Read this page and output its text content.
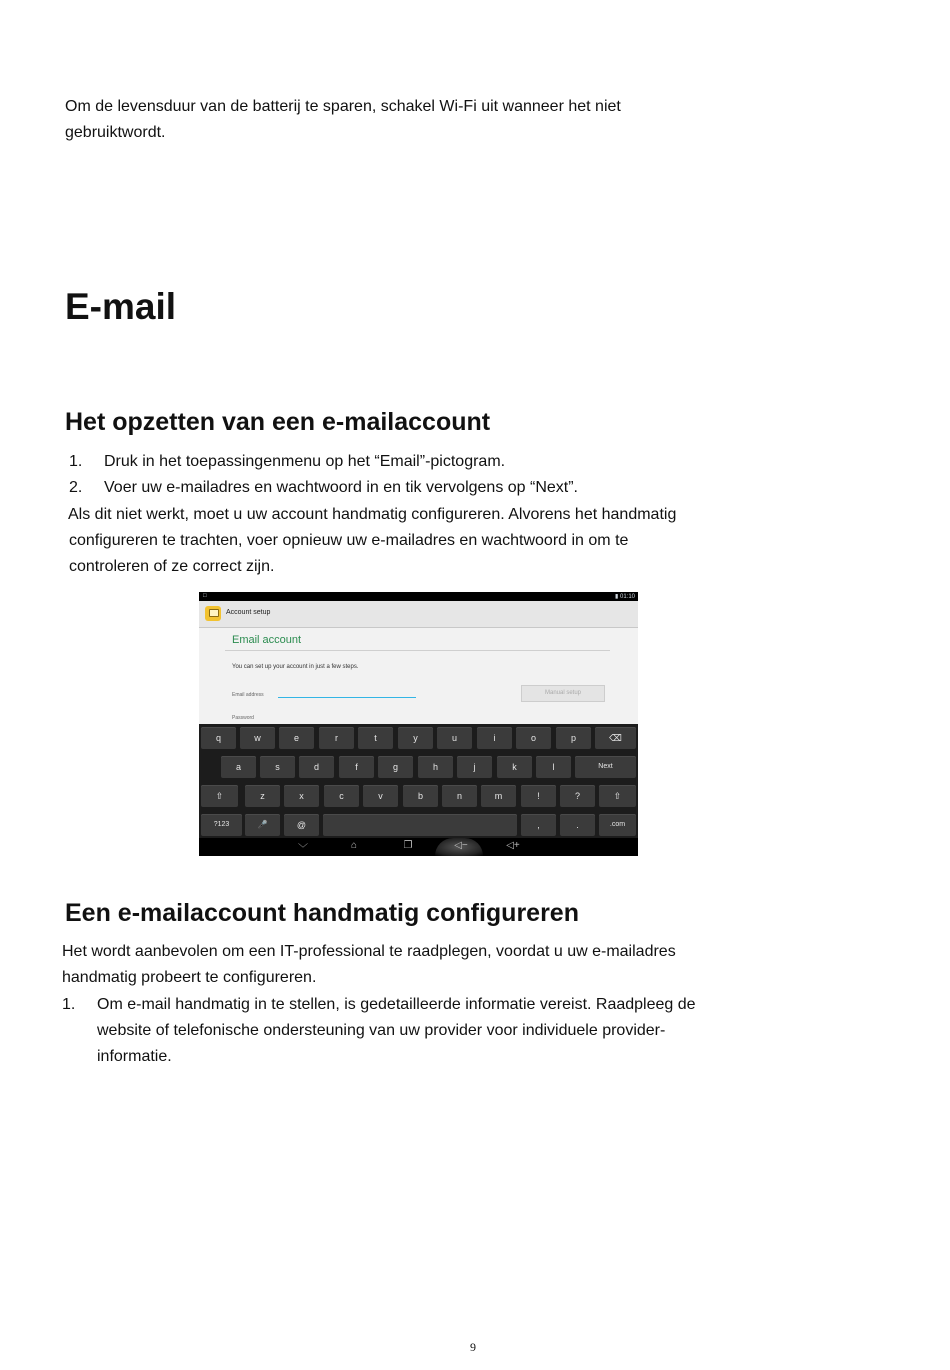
Om de levensduur van de batterij te sparen, schakel Wi-Fi uit wanneer het niet
gebruiktwordt.
E-mail
Het opzetten van een e-mailaccount
1. Druk in het toepassingenmenu op het “Email”-pictogram.
2. Voer uw e-mailadres en wachtwoord in en tik vervolgens op “Next”.
Als dit niet werkt, moet u uw account handmatig configureren. Alvorens het handmatig
configureren te trachten, voer opnieuw uw e-mailadres en wachtwoord in om te
controleren of ze correct zijn.
□	▮ 01:10
Account setup
Email account
You can set up your account in just a few steps.
Email address	Manual setup
Password
q	w	e	r	t	y	u	i	o	p	⌫
a	s	d	f	g	h	j	k	l	Next
⇧	z	x	c	v	b	n	m	!	?	⇧
?123	🎤	@	,	.	.com
﹀	⌂	❐	◁−	◁+
Een e-mailaccount handmatig configureren
Het wordt aanbevolen om een IT-professional te raadplegen, voordat u uw e-mailadres
handmatig probeert te configureren.
1. Om e-mail handmatig in te stellen, is gedetailleerde informatie vereist. Raadpleeg de
website of telefonische ondersteuning van uw provider voor individuele provider-
informatie.
9
